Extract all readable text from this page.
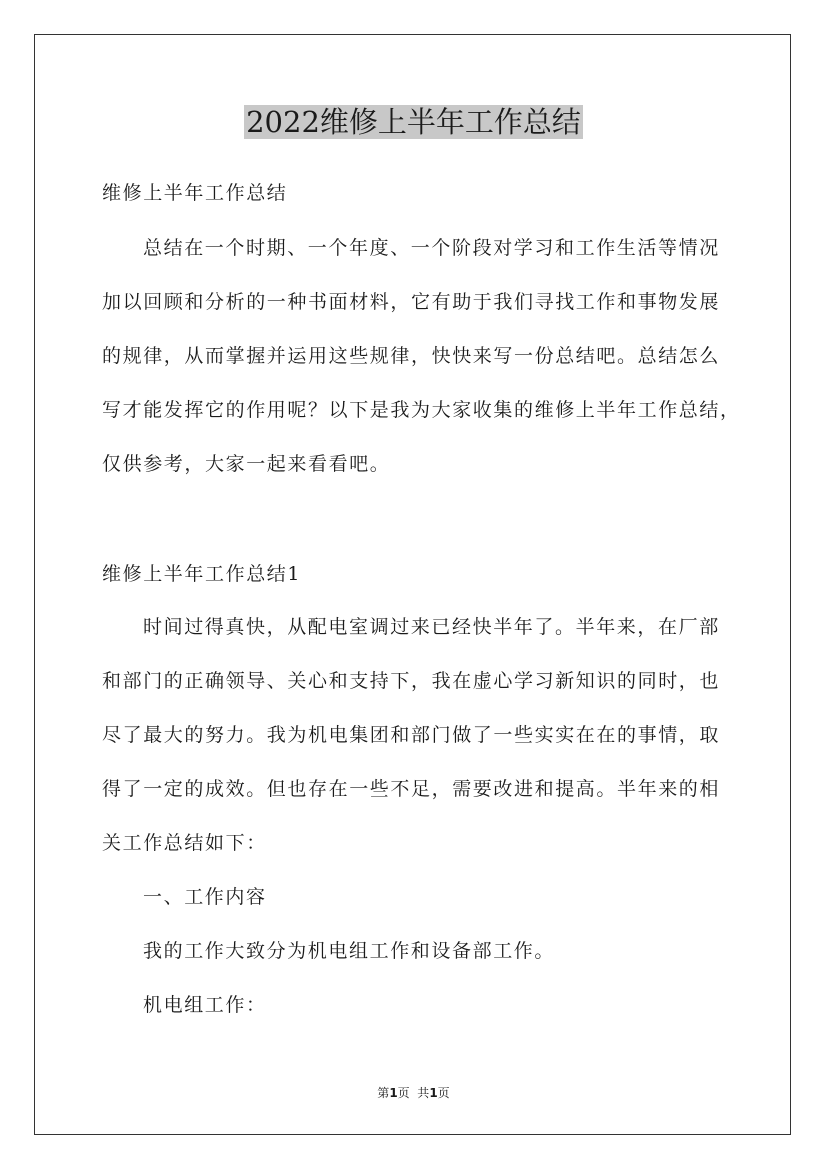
2022维修上半年工作总结
维修上半年工作总结
总结在一个时期、一个年度、一个阶段对学习和工作生活等情况
加以回顾和分析的一种书面材料，它有助于我们寻找工作和事物发展
的规律，从而掌握并运用这些规律，快快来写一份总结吧。总结怎么
写才能发挥它的作用呢？以下是我为大家收集的维修上半年工作总结，
仅供参考，大家一起来看看吧。
维修上半年工作总结1
时间过得真快，从配电室调过来已经快半年了。半年来，在厂部
和部门的正确领导、关心和支持下，我在虚心学习新知识的同时，也
尽了最大的努力。我为机电集团和部门做了一些实实在在的事情，取
得了一定的成效。但也存在一些不足，需要改进和提高。半年来的相
关工作总结如下：
一、工作内容
我的工作大致分为机电组工作和设备部工作。
机电组工作：
第1页  共1页
